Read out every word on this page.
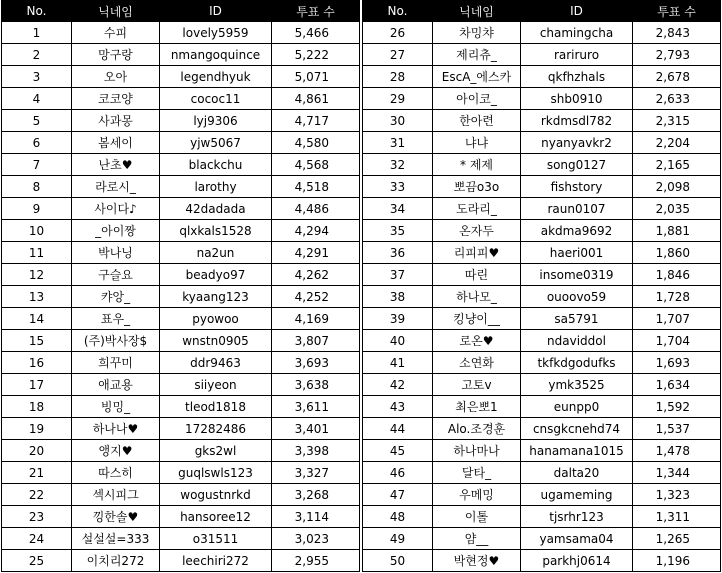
No.	닉네임	ID	투표 수
1	수피	lovely5959	5,466
2	망구랑	nmangoquince	5,222
3	오아	legendhyuk	5,071
4	코코양	cococ11	4,861
5	사과몽	lyj9306	4,717
6	봄세이	yjw5067	4,580
7	난초♥	blackchu	4,568
8	라로시_	larothy	4,518
9	사이다♪	42dadada	4,486
10	_아이짱	qlxkals1528	4,294
11	박나닝	na2un	4,291
12	구슬요	beadyo97	4,262
13	캬앙_	kyaang123	4,252
14	표우_	pyowoo	4,169
15	(주)박사장$	wnstn0905	3,807
16	희꾸미	ddr9463	3,693
17	애교용	siiyeon	3,638
18	빙밍_	tleod1818	3,611
19	하나나♥	17282486	3,401
20	앵지♥	gks2wl	3,398
21	따스히	guqlswls123	3,327
22	섹시피그	wogustnrkd	3,268
23	낑한솔♥	hansoree12	3,114
24	설설설=333	o31511	3,023
25	이치리272	leechiri272	2,955
No.	닉네임	ID	투표 수
26	차밍챠	chamingcha	2,843
27	제리츄_	rariruro	2,793
28	EscA_에스카	qkfhzhals	2,678
29	아이코_	shb0910	2,633
30	한아련	rkdmsdl782	2,315
31	냐냐	nyanyavkr2	2,204
32	* 제제	song0127	2,165
33	뽀끔o3o	fishstory	2,098
34	도라리_	raun0107	2,035
35	온자두	akdma9692	1,881
36	리피피♥	haeri001	1,860
37	따린	insome0319	1,846
38	하나모_	ouoovo59	1,728
39	킹냥이__	sa5791	1,707
40	로온♥	ndaviddol	1,704
41	소연화	tkfkdgodufks	1,693
42	고토v	ymk3525	1,634
43	최은뽀1	eunpp0	1,592
44	Alo.조경훈	cnsgkcnehd74	1,537
45	하나마나	hanamana1015	1,478
46	달타_	dalta20	1,344
47	우메밍	ugameming	1,323
48	이톨	tjsrhr123	1,311
49	얌__	yamsama04	1,265
50	박현정♥	parkhj0614	1,196
